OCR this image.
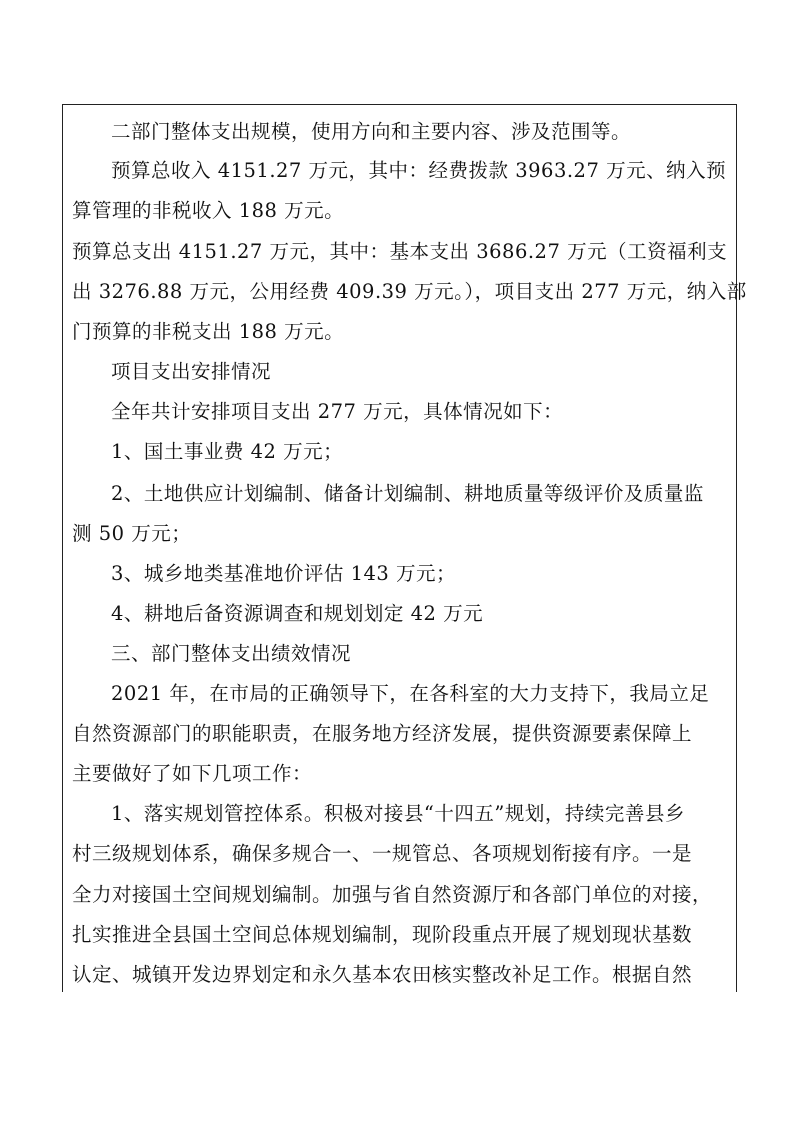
二部门整体支出规模，使用方向和主要内容、涉及范围等。
预算总收入 4151.27 万元，其中：经费拨款 3963.27 万元、纳入预
算管理的非税收入 188 万元。
预算总支出 4151.27 万元，其中：基本支出 3686.27 万元（工资福利支
出 3276.88 万元，公用经费 409.39 万元。），项目支出 277 万元，纳入部
门预算的非税支出 188 万元。
项目支出安排情况
全年共计安排项目支出 277 万元，具体情况如下：
1、国土事业费 42 万元；
2、土地供应计划编制、储备计划编制、耕地质量等级评价及质量监
测 50 万元；
3、城乡地类基准地价评估 143 万元；
4、耕地后备资源调查和规划划定 42 万元
三、部门整体支出绩效情况
2021 年，在市局的正确领导下，在各科室的大力支持下，我局立足
自然资源部门的职能职责，在服务地方经济发展，提供资源要素保障上
主要做好了如下几项工作：
1、落实规划管控体系。积极对接县“十四五”规划，持续完善县乡
村三级规划体系，确保多规合一、一规管总、各项规划衔接有序。一是
全力对接国土空间规划编制。加强与省自然资源厅和各部门单位的对接，
扎实推进全县国土空间总体规划编制，现阶段重点开展了规划现状基数
认定、城镇开发边界划定和永久基本农田核实整改补足工作。根据自然
